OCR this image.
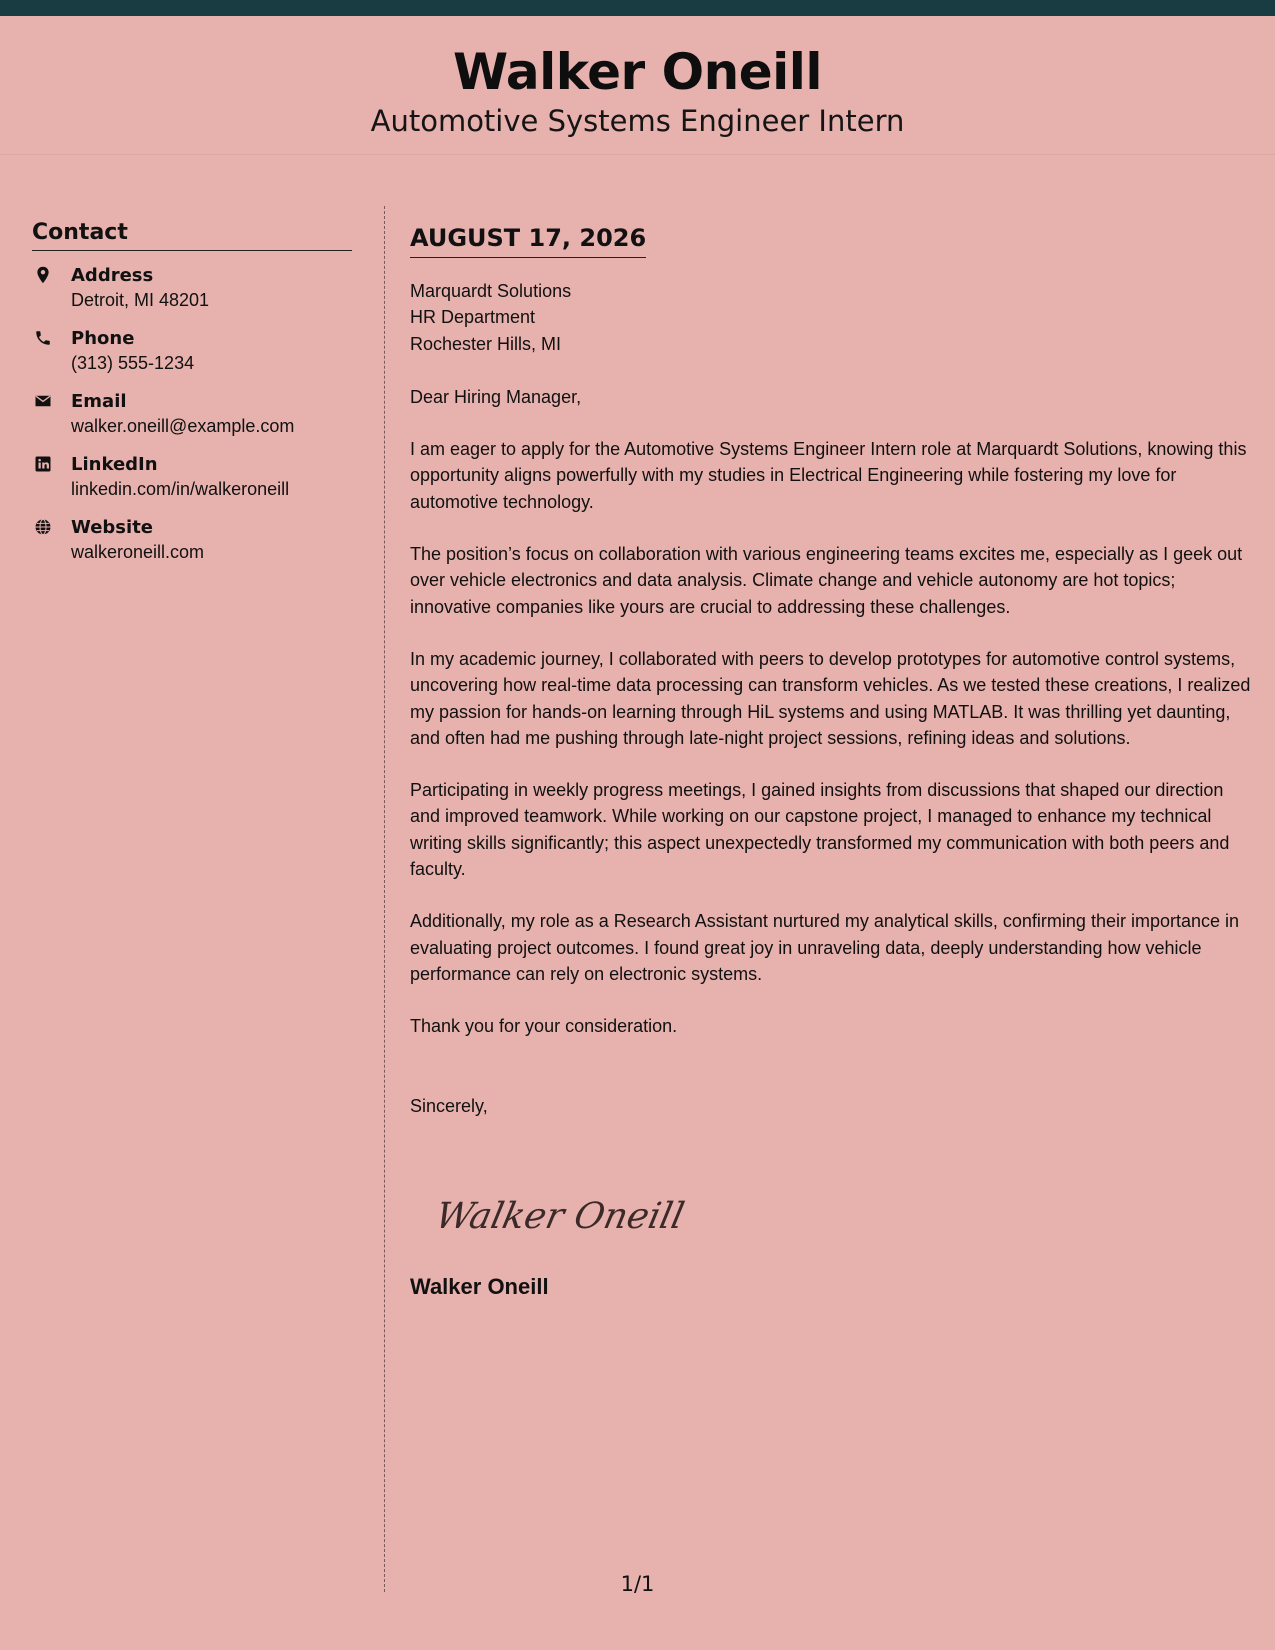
Walker Oneill
Automotive Systems Engineer Intern
Contact
Address
Detroit, MI 48201
Phone
(313) 555-1234
Email
walker.oneill@example.com
LinkedIn
linkedin.com/in/walkeroneill
Website
walkeroneill.com
AUGUST 17, 2026
Marquardt Solutions
HR Department
Rochester Hills, MI
Dear Hiring Manager,
I am eager to apply for the Automotive Systems Engineer Intern role at Marquardt Solutions, knowing this opportunity aligns powerfully with my studies in Electrical Engineering while fostering my love for automotive technology.
The position’s focus on collaboration with various engineering teams excites me, especially as I geek out over vehicle electronics and data analysis. Climate change and vehicle autonomy are hot topics; innovative companies like yours are crucial to addressing these challenges.
In my academic journey, I collaborated with peers to develop prototypes for automotive control systems, uncovering how real-time data processing can transform vehicles. As we tested these creations, I realized my passion for hands-on learning through HiL systems and using MATLAB. It was thrilling yet daunting, and often had me pushing through late-night project sessions, refining ideas and solutions.
Participating in weekly progress meetings, I gained insights from discussions that shaped our direction and improved teamwork. While working on our capstone project, I managed to enhance my technical writing skills significantly; this aspect unexpectedly transformed my communication with both peers and faculty.
Additionally, my role as a Research Assistant nurtured my analytical skills, confirming their importance in evaluating project outcomes. I found great joy in unraveling data, deeply understanding how vehicle performance can rely on electronic systems.
Thank you for your consideration.
Sincerely,
Walker Oneill
Walker Oneill
1/1
